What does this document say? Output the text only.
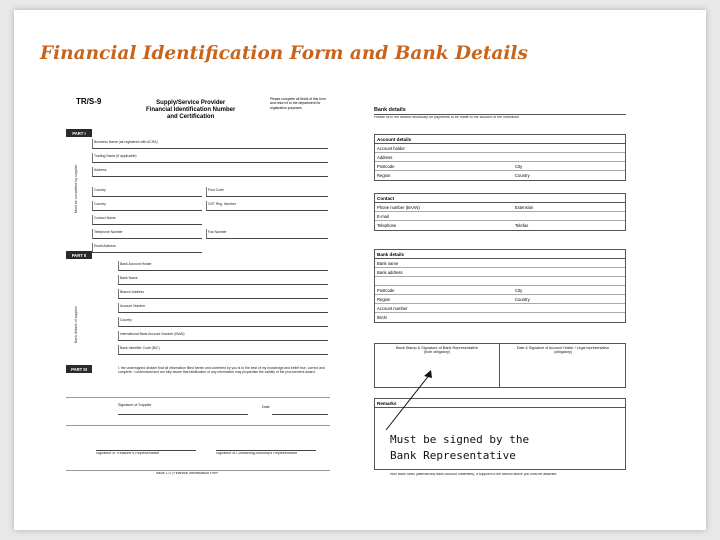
Financial Identification Form and Bank Details
TR/S-9	Supply/Service Provider
Financial Identification Number
and Certification
Please complete all fields of this form and return it to the department for registration purposes
PART I
Must be completed by supplier
PART II
Bank details of supplier
PART III	I, the undersigned declare that all information filled herein and conferred by you is to the best of my knowledge and belief true, correct and complete. I understand and am fully aware that falsification of any information may jeopardise the validity of the procurement award.
Signature of Supplier	Date
Signature of Treasurer's Representative	Signature of Contracting Authority's Representative
Issue 1.0 | Financial Identification Form
Business Name (as registered with ACRA)
Trading Name (if applicable)
Address
Country	Post Code
Country	GST Reg. Number
Contact Name
Telephone Number	Fax Number
Email Address
Bank Account Holder
Bank Name
Branch Address
Account Number
Country
International Bank Account Number (IBAN)
Bank Identifier Code (BIC)
Bank details
Please fill in the details necessary for payments to be made to the account of the contractor
Account details
Account holder
Address
Postcode	City
Region	Country
Contact
Phone number (BAAN)	Extension
E-mail
Telephone	Telefax
Bank details
Bank name
Bank address
Postcode	City
Region	Country
Account number
IBAN
Bank Stamp & Signature of Bank Representative
(both obligatory)
Date & Signature of Account Holder / Legal representative
(obligatory)
Remarks
With Bank Seals (alternatively Bank Account Statement), a supplied to the section above you must be attached.
Must be signed by the
Bank Representative
